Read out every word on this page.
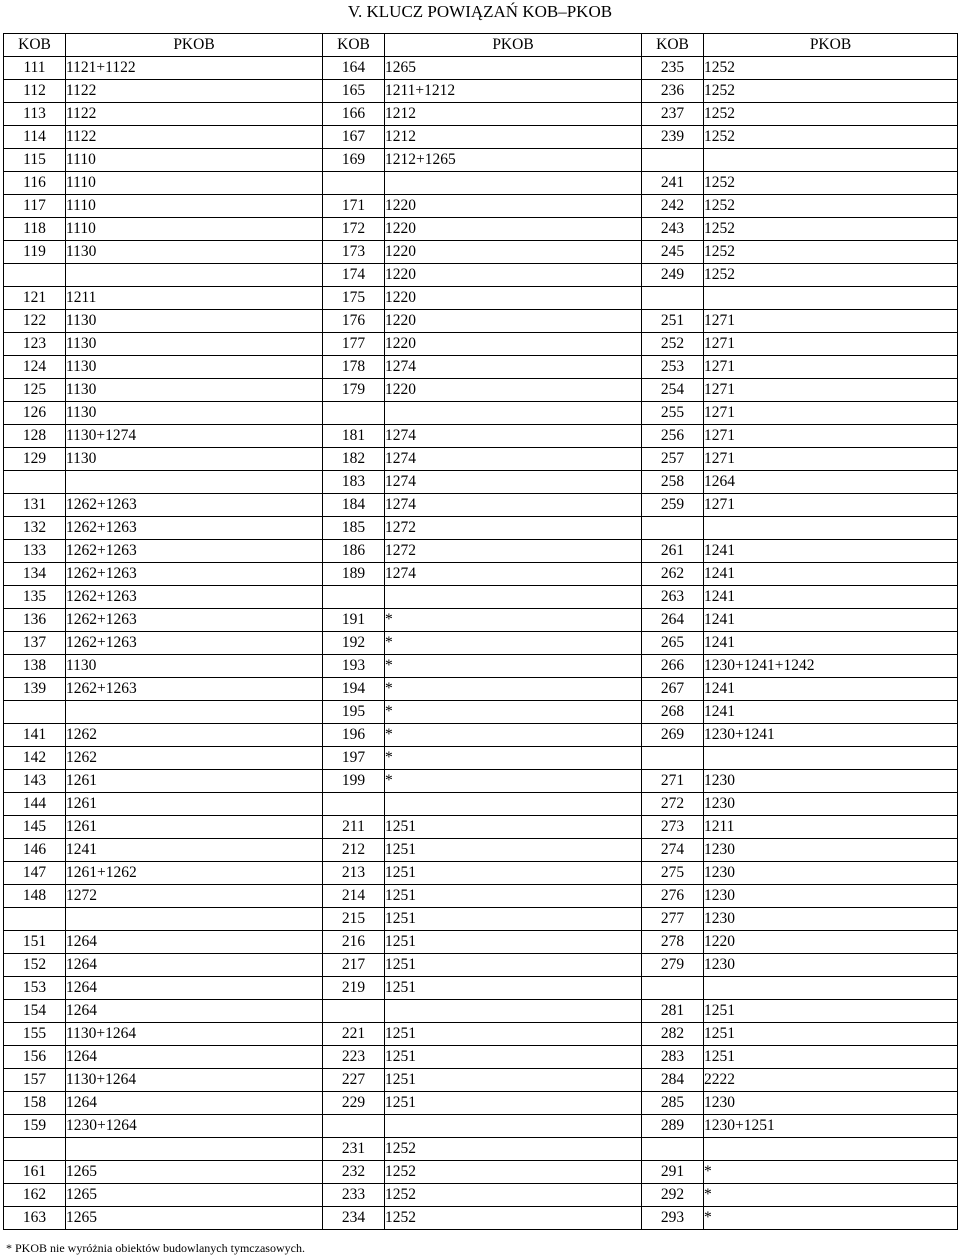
V. KLUCZ POWIĄZAŃ KOB–PKOB
KOB	PKOB	KOB	PKOB	KOB	PKOB
111	1121+1122	164	1265	235	1252
112	1122	165	1211+1212	236	1252
113	1122	166	1212	237	1252
114	1122	167	1212	239	1252
115	1110	169	1212+1265		
116	1110			241	1252
117	1110	171	1220	242	1252
118	1110	172	1220	243	1252
119	1130	173	1220	245	1252
		174	1220	249	1252
121	1211	175	1220		
122	1130	176	1220	251	1271
123	1130	177	1220	252	1271
124	1130	178	1274	253	1271
125	1130	179	1220	254	1271
126	1130			255	1271
128	1130+1274	181	1274	256	1271
129	1130	182	1274	257	1271
		183	1274	258	1264
131	1262+1263	184	1274	259	1271
132	1262+1263	185	1272		
133	1262+1263	186	1272	261	1241
134	1262+1263	189	1274	262	1241
135	1262+1263			263	1241
136	1262+1263	191	*	264	1241
137	1262+1263	192	*	265	1241
138	1130	193	*	266	1230+1241+1242
139	1262+1263	194	*	267	1241
		195	*	268	1241
141	1262	196	*	269	1230+1241
142	1262	197	*		
143	1261	199	*	271	1230
144	1261			272	1230
145	1261	211	1251	273	1211
146	1241	212	1251	274	1230
147	1261+1262	213	1251	275	1230
148	1272	214	1251	276	1230
		215	1251	277	1230
151	1264	216	1251	278	1220
152	1264	217	1251	279	1230
153	1264	219	1251		
154	1264			281	1251
155	1130+1264	221	1251	282	1251
156	1264	223	1251	283	1251
157	1130+1264	227	1251	284	2222
158	1264	229	1251	285	1230
159	1230+1264			289	1230+1251
		231	1252		
161	1265	232	1252	291	*
162	1265	233	1252	292	*
163	1265	234	1252	293	*
* PKOB nie wyróżnia obiektów budowlanych tymczasowych.
